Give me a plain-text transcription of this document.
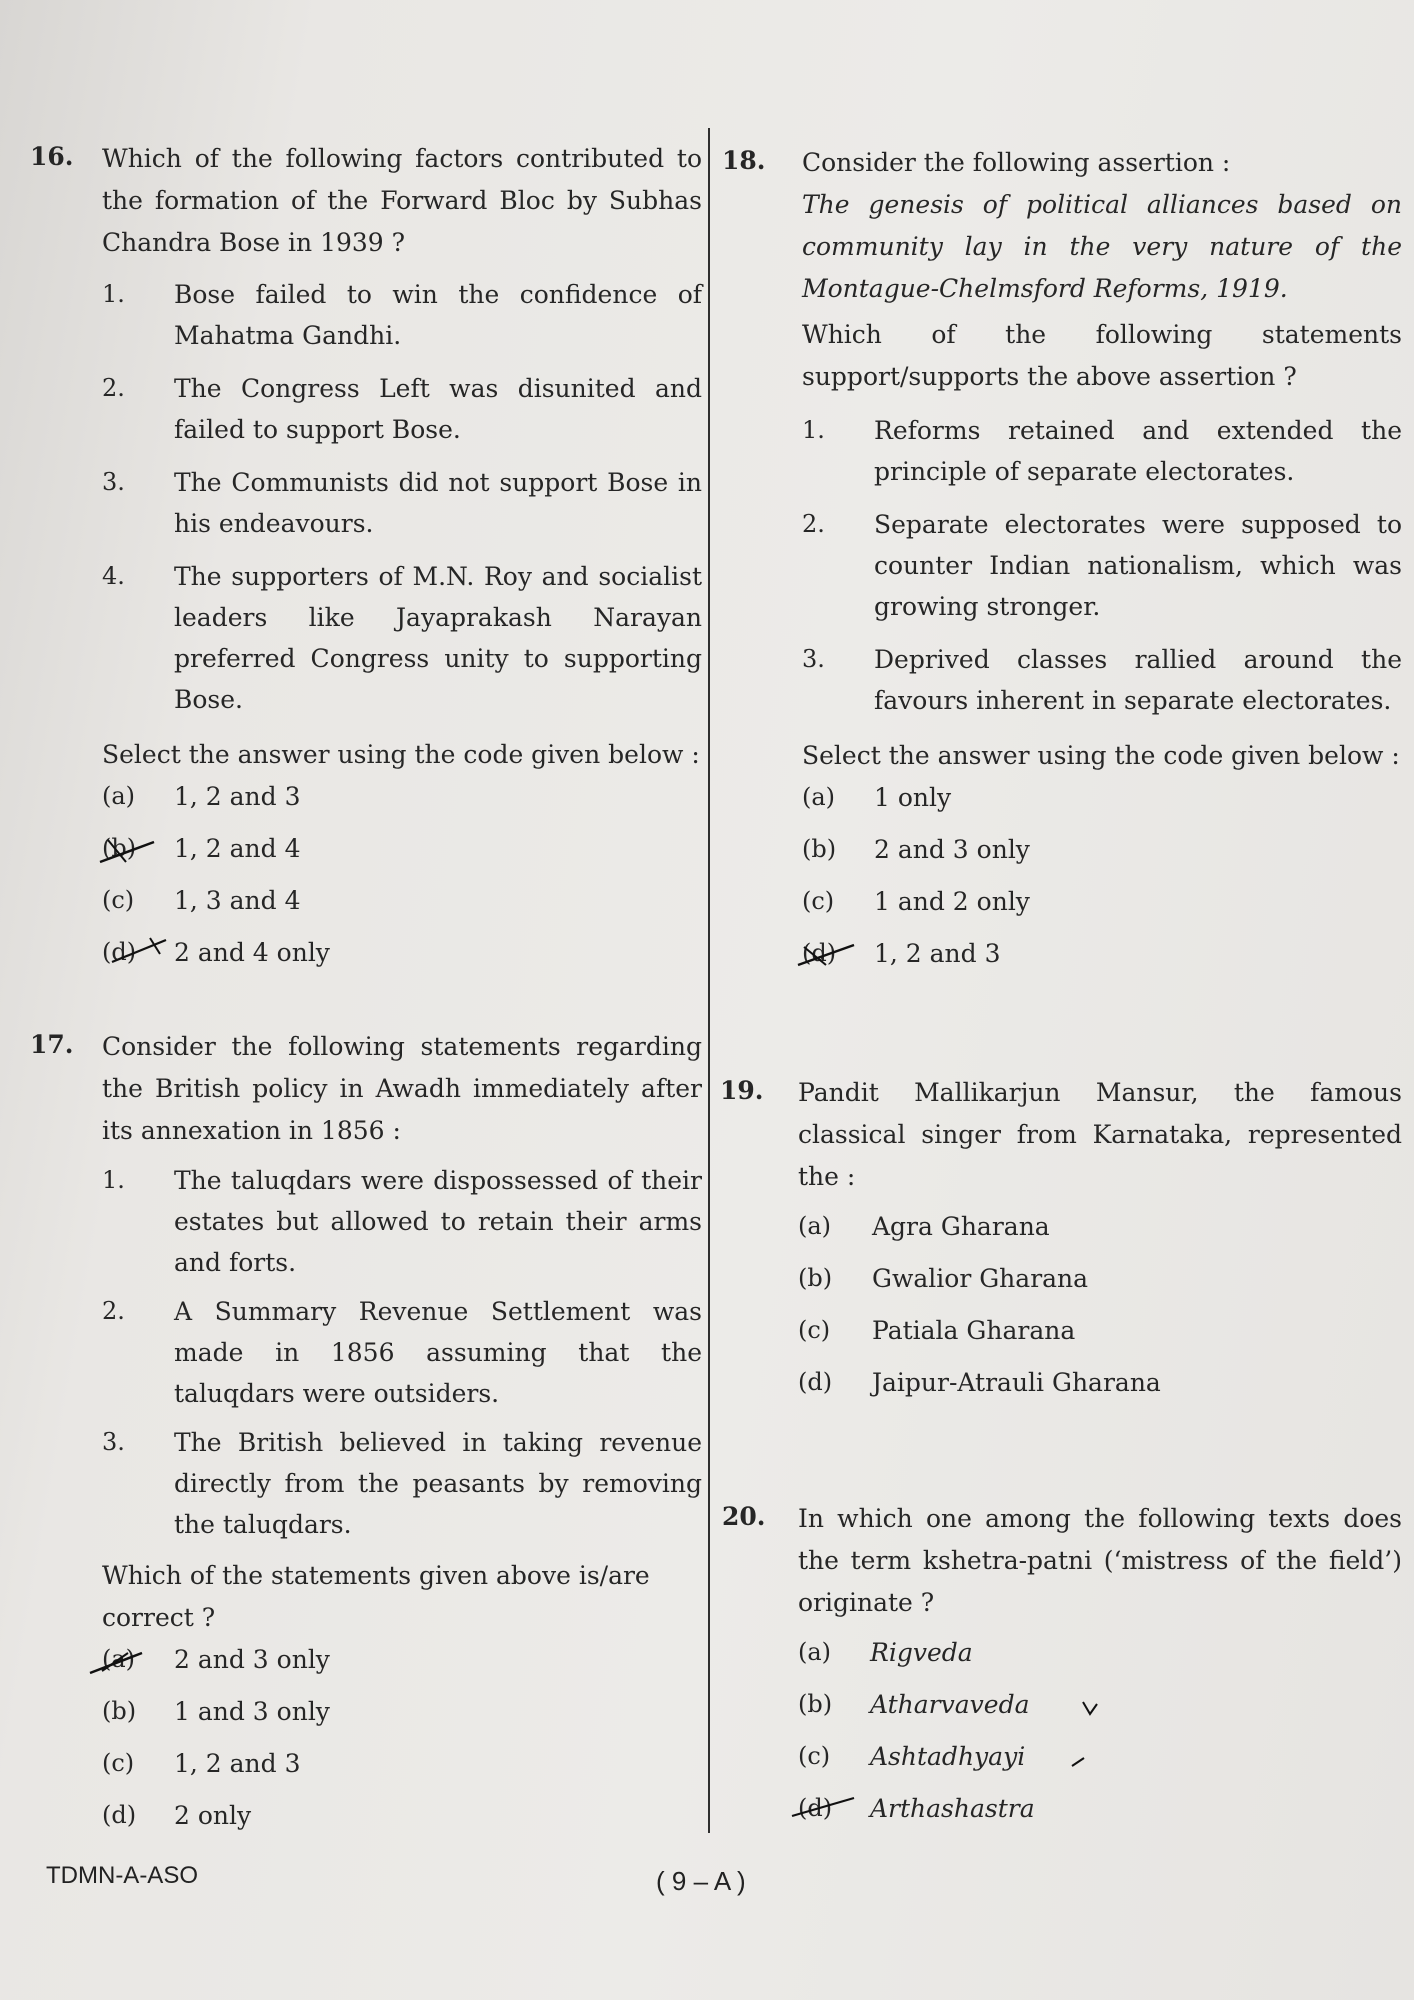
16. Which of the following factors contributed to the formation of the Forward Bloc by Subhas Chandra Bose in 1939 ?
1. Bose failed to win the confidence of Mahatma Gandhi.
2. The Congress Left was disunited and failed to support Bose.
3. The Communists did not support Bose in his endeavours.
4. The supporters of M.N. Roy and socialist leaders like Jayaprakash Narayan preferred Congress unity to supporting Bose.
Select the answer using the code given below :
(a) 1, 2 and 3
(b) 1, 2 and 4
(c) 1, 3 and 4
(d) 2 and 4 only
17. Consider the following statements regarding the British policy in Awadh immediately after its annexation in 1856 :
1. The taluqdars were dispossessed of their estates but allowed to retain their arms and forts.
2. A Summary Revenue Settlement was made in 1856 assuming that the taluqdars were outsiders.
3. The British believed in taking revenue directly from the peasants by removing the taluqdars.
Which of the statements given above is/are correct ?
(a) 2 and 3 only
(b) 1 and 3 only
(c) 1, 2 and 3
(d) 2 only
18. Consider the following assertion :
The genesis of political alliances based on community lay in the very nature of the Montague-Chelmsford Reforms, 1919.
Which of the following statements support/supports the above assertion ?
1. Reforms retained and extended the principle of separate electorates.
2. Separate electorates were supposed to counter Indian nationalism, which was growing stronger.
3. Deprived classes rallied around the favours inherent in separate electorates.
Select the answer using the code given below :
(a) 1 only
(b) 2 and 3 only
(c) 1 and 2 only
(d) 1, 2 and 3
19. Pandit Mallikarjun Mansur, the famous classical singer from Karnataka, represented the :
(a) Agra Gharana
(b) Gwalior Gharana
(c) Patiala Gharana
(d) Jaipur-Atrauli Gharana
20. In which one among the following texts does the term kshetra-patni (‘mistress of the field’) originate ?
(a) Rigveda
(b) Atharvaveda
(c) Ashtadhyayi
(d) Arthashastra
TDMN-A-ASO	( 9 – A )
